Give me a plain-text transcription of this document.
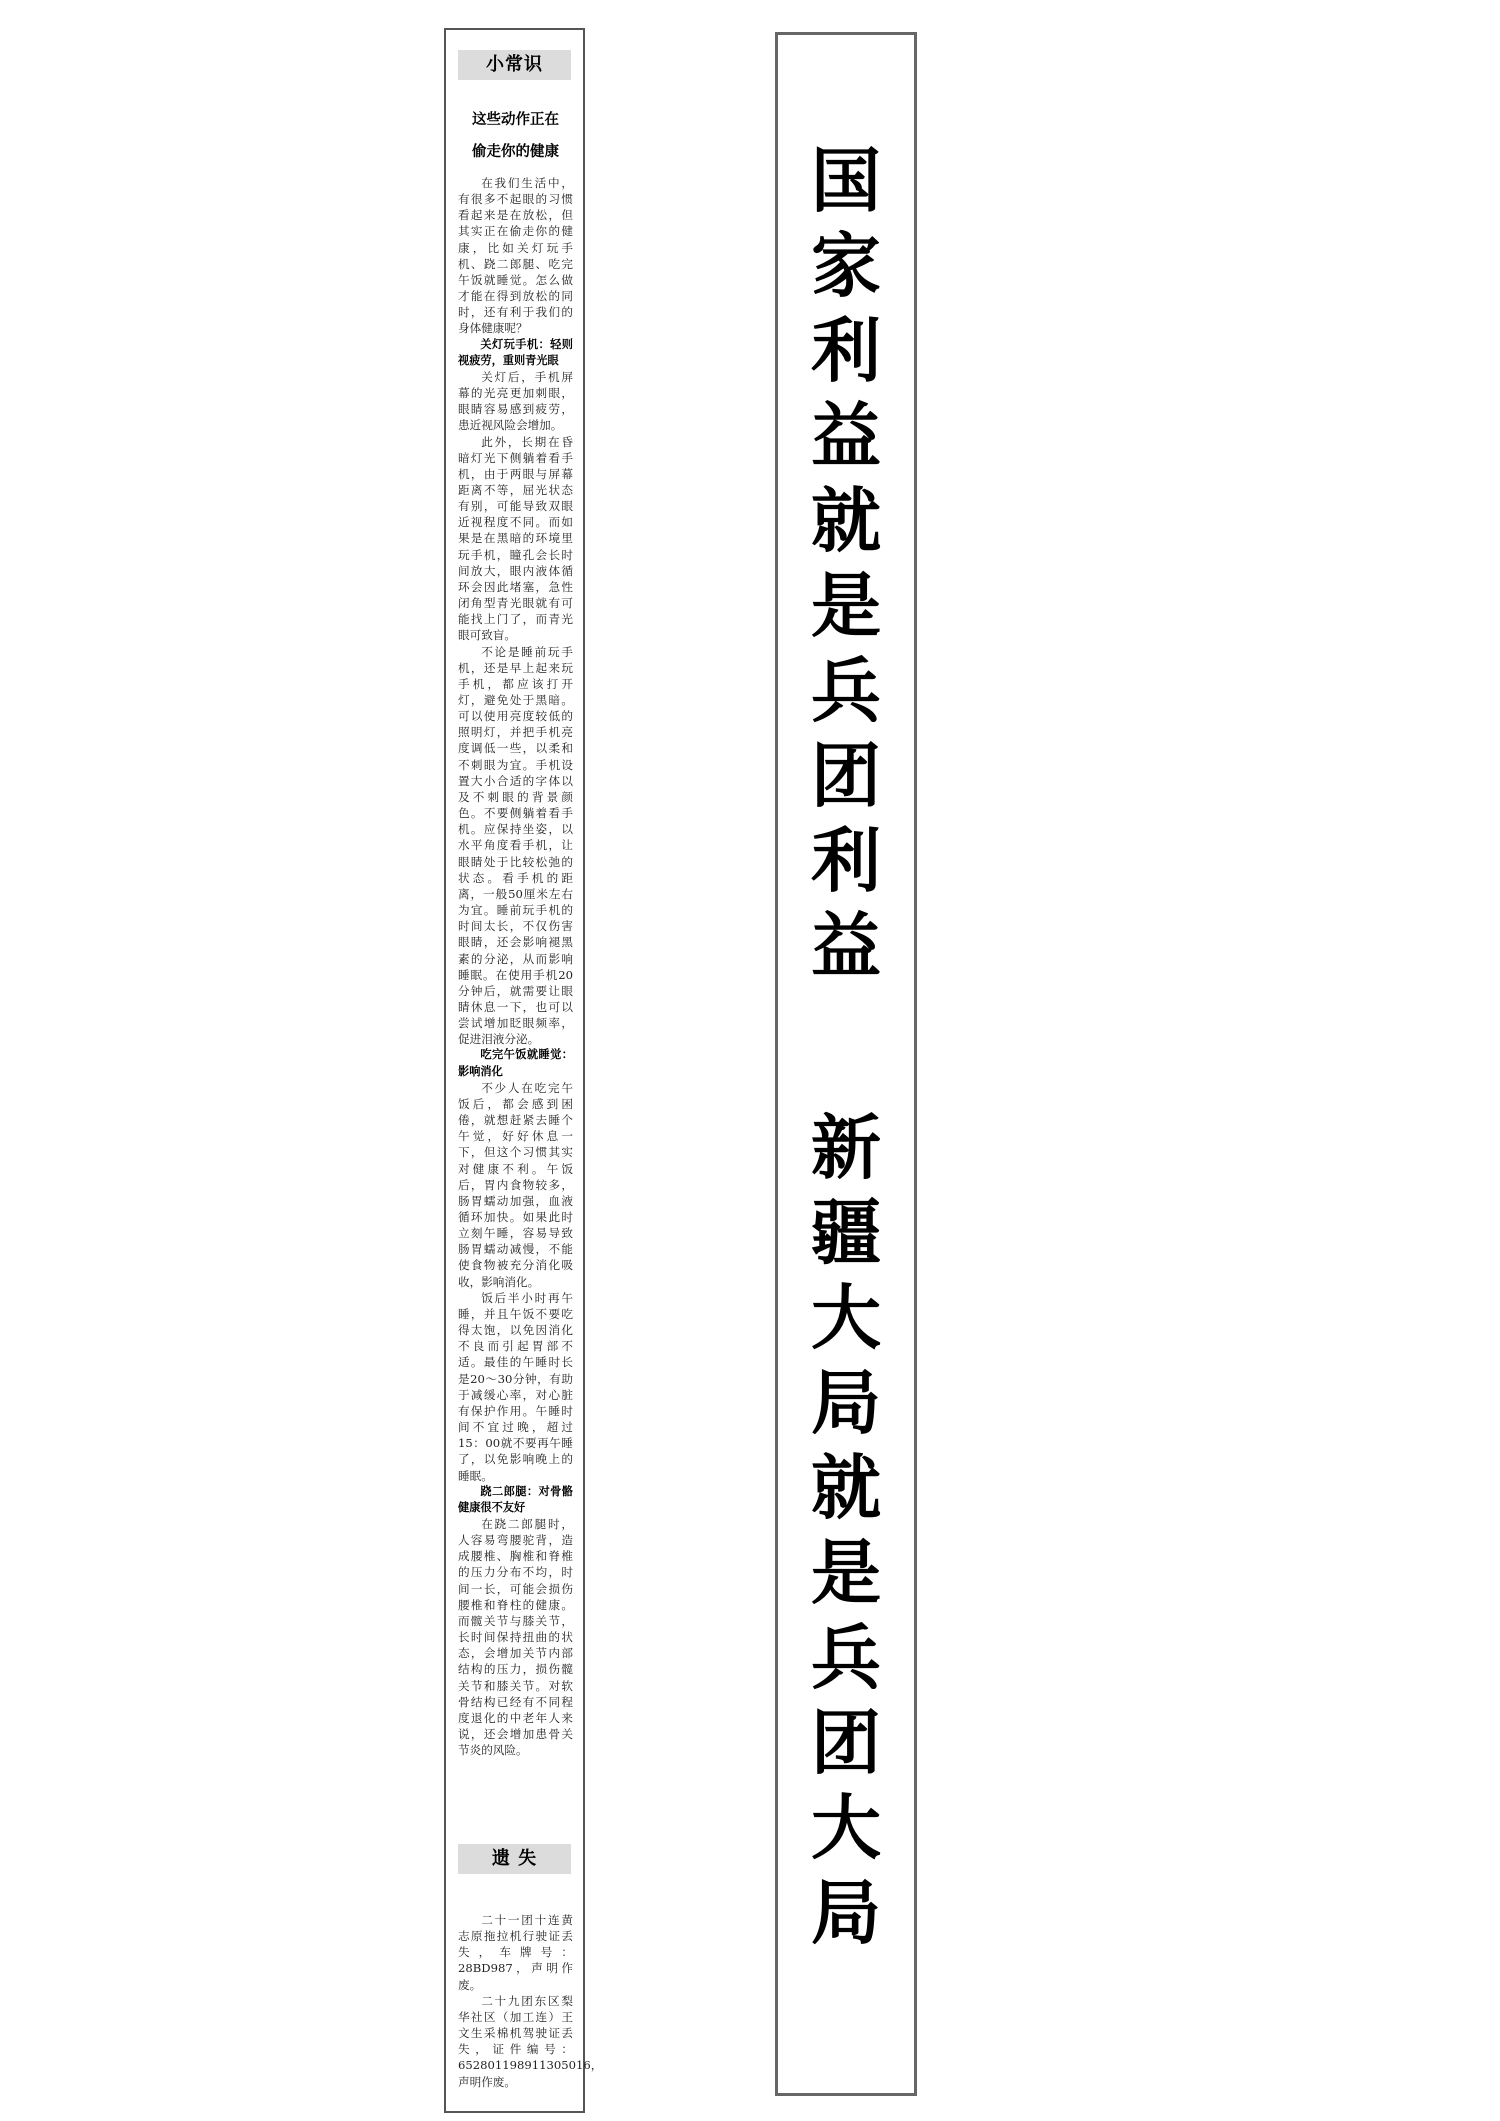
小常识
这些动作正在
偷走你的健康

在我们生活中，有很多不起眼的习惯看起来是在放松，但其实正在偷走你的健康，比如关灯玩手机、跷二郎腿、吃完午饭就睡觉。怎么做才能在得到放松的同时，还有利于我们的身体健康呢？

关灯玩手机：轻则视疲劳，重则青光眼

关灯后，手机屏幕的光亮更加刺眼，眼睛容易感到疲劳，患近视风险会增加。

此外，长期在昏暗灯光下侧躺着看手机，由于两眼与屏幕距离不等，屈光状态有别，可能导致双眼近视程度不同。而如果是在黑暗的环境里玩手机，瞳孔会长时间放大，眼内液体循环会因此堵塞，急性闭角型青光眼就有可能找上门了，而青光眼可致盲。

不论是睡前玩手机，还是早上起来玩手机，都应该打开灯，避免处于黑暗。可以使用亮度较低的照明灯，并把手机亮度调低一些，以柔和不刺眼为宜。手机设置大小合适的字体以及不刺眼的背景颜色。不要侧躺着看手机。应保持坐姿，以水平角度看手机，让眼睛处于比较松弛的状态。看手机的距离，一般50厘米左右为宜。睡前玩手机的时间太长，不仅伤害眼睛，还会影响褪黑素的分泌，从而影响睡眠。在使用手机20分钟后，就需要让眼睛休息一下，也可以尝试增加眨眼频率，促进泪液分泌。

吃完午饭就睡觉：影响消化

不少人在吃完午饭后，都会感到困倦，就想赶紧去睡个午觉，好好休息一下，但这个习惯其实对健康不利。午饭后，胃内食物较多，肠胃蠕动加强，血液循环加快。如果此时立刻午睡，容易导致肠胃蠕动减慢，不能使食物被充分消化吸收，影响消化。

饭后半小时再午睡，并且午饭不要吃得太饱，以免因消化不良而引起胃部不适。最佳的午睡时长是20～30分钟，有助于减缓心率，对心脏有保护作用。午睡时间不宜过晚，超过15：00就不要再午睡了，以免影响晚上的睡眠。

跷二郎腿：对骨骼健康很不友好

在跷二郎腿时，人容易弯腰驼背，造成腰椎、胸椎和脊椎的压力分布不均，时间一长，可能会损伤腰椎和脊柱的健康。而髋关节与膝关节，长时间保持扭曲的状态，会增加关节内部结构的压力，损伤髋关节和膝关节。对软骨结构已经有不同程度退化的中老年人来说，还会增加患骨关节炎的风险。

遗 失

二十一团十连黄志原拖拉机行驶证丢失，车牌号：28BD987，声明作废。

二十九团东区梨华社区（加工连）王文生采棉机驾驶证丢失，证件编号：652801198911305016，声明作废。

国家利益就是兵团利益
新疆大局就是兵团大局
